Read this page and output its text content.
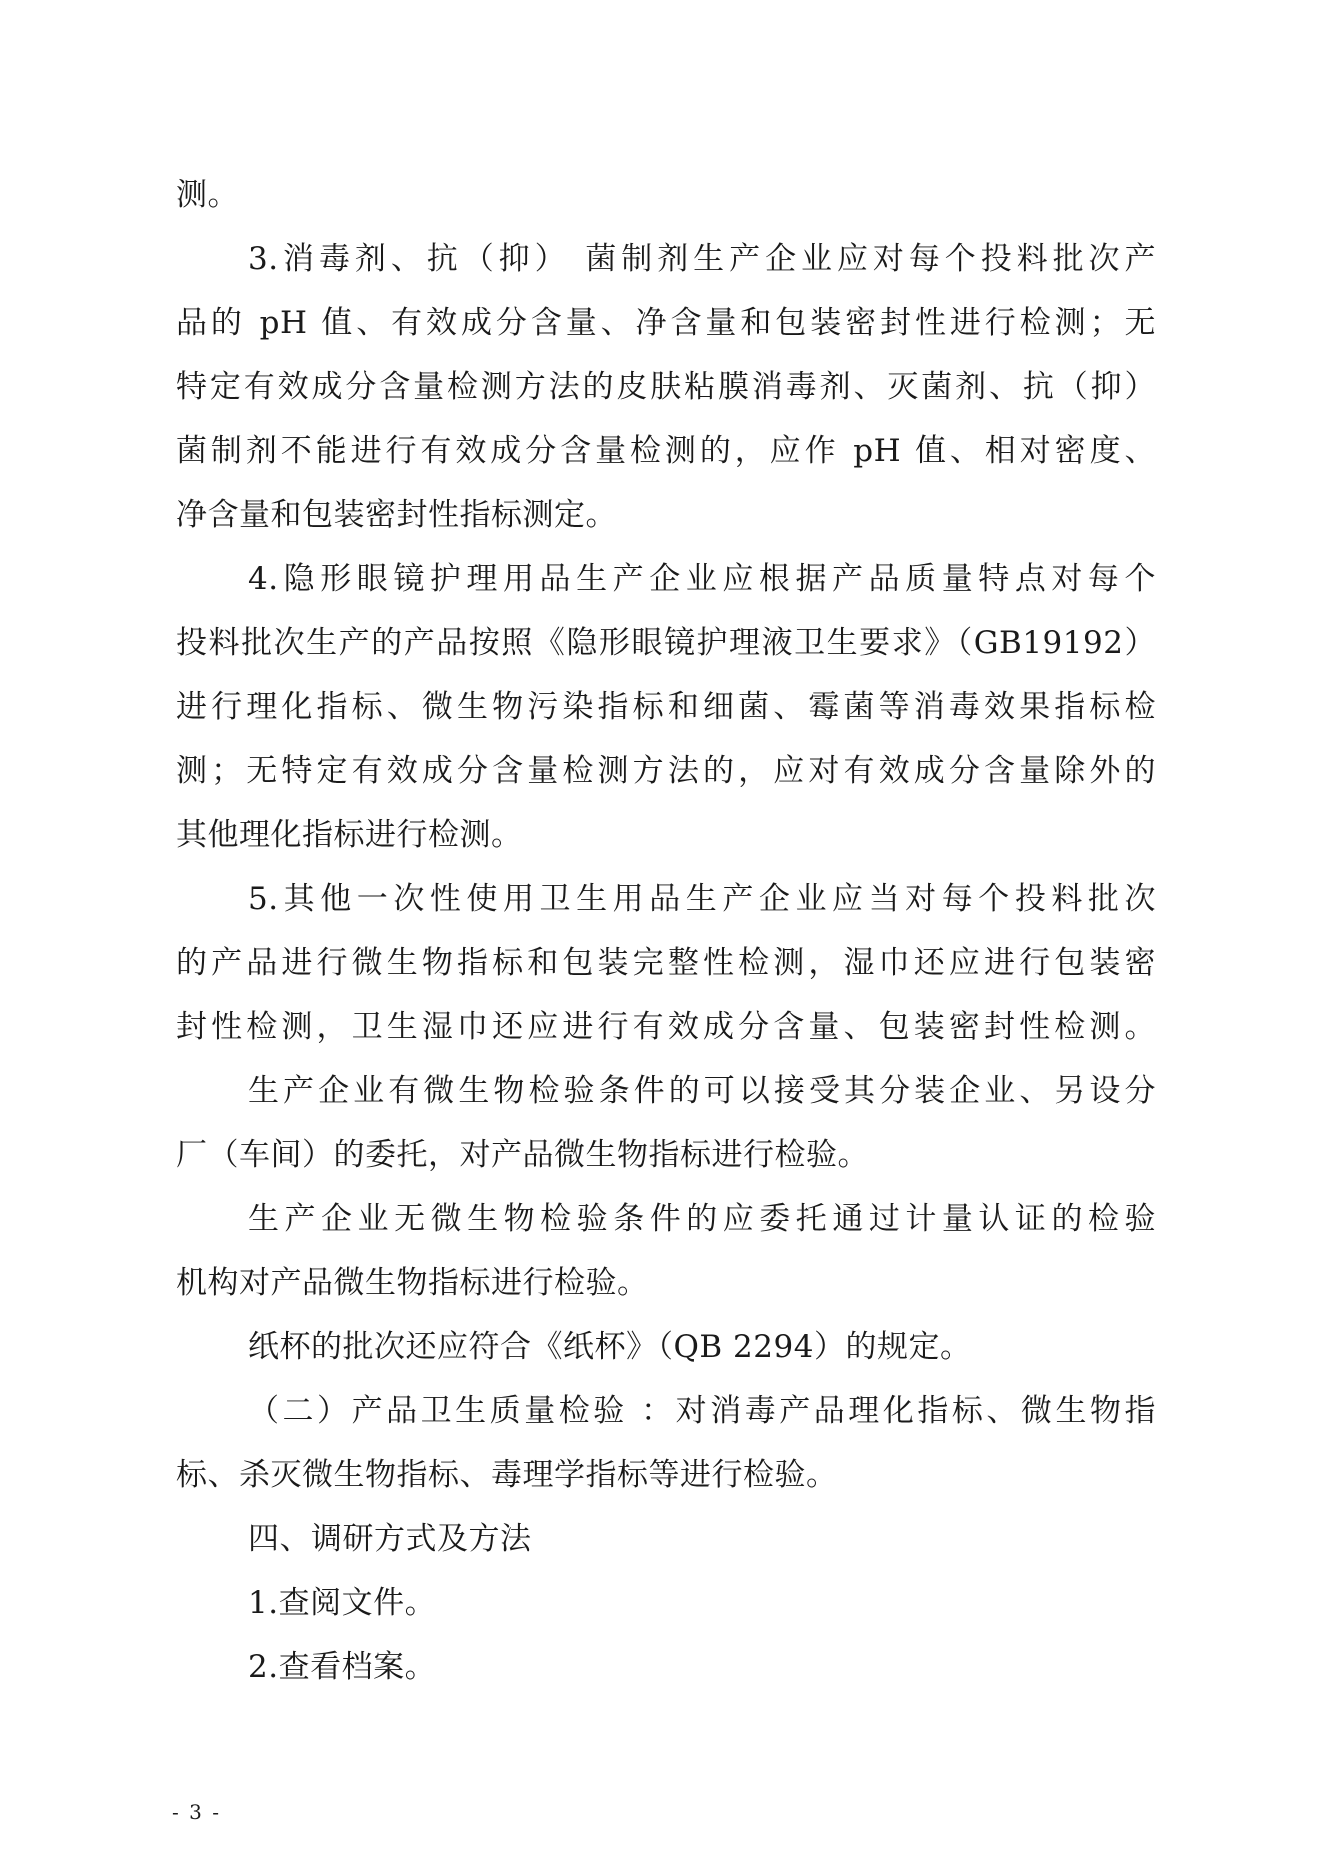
测。
3.消毒剂、抗（抑） 菌制剂生产企业应对每个投料批次产
品的 pH 值、有效成分含量、净含量和包装密封性进行检测；无
特定有效成分含量检测方法的皮肤粘膜消毒剂、灭菌剂、抗（抑）
菌制剂不能进行有效成分含量检测的，应作 pH 值、相对密度、
净含量和包装密封性指标测定。
4.隐形眼镜护理用品生产企业应根据产品质量特点对每个
投料批次生产的产品按照《隐形眼镜护理液卫生要求》（GB19192）
进行理化指标、微生物污染指标和细菌、霉菌等消毒效果指标检
测；无特定有效成分含量检测方法的，应对有效成分含量除外的
其他理化指标进行检测。
5.其他一次性使用卫生用品生产企业应当对每个投料批次
的产品进行微生物指标和包装完整性检测，湿巾还应进行包装密
封性检测，卫生湿巾还应进行有效成分含量、包装密封性检测。
生产企业有微生物检验条件的可以接受其分装企业、另设分
厂（车间）的委托，对产品微生物指标进行检验。
生产企业无微生物检验条件的应委托通过计量认证的检验
机构对产品微生物指标进行检验。
纸杯的批次还应符合《纸杯》（QB 2294）的规定。
（二）产品卫生质量检验 ：对消毒产品理化指标、微生物指
标、杀灭微生物指标、毒理学指标等进行检验。
四、调研方式及方法
1.查阅文件。
2.查看档案。
- 3 -
